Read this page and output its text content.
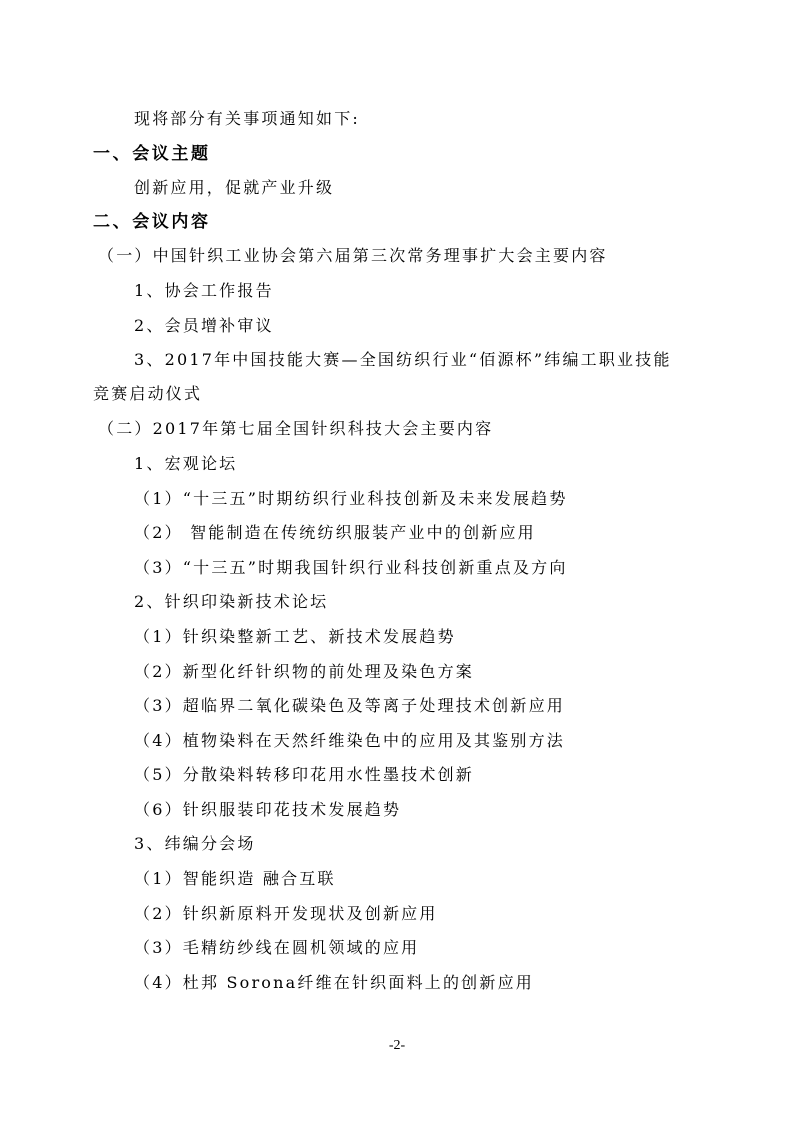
现将部分有关事项通知如下:
一、会议主题
创新应用，促就产业升级
二、会议内容
（一）中国针织工业协会第六届第三次常务理事扩大会主要内容
1、协会工作报告
2、会员增补审议
3、2017年中国技能大赛—全国纺织行业“佰源杯”纬编工职业技能
竞赛启动仪式
（二）2017年第七届全国针织科技大会主要内容
1、宏观论坛
（1）“十三五”时期纺织行业科技创新及未来发展趋势
（2） 智能制造在传统纺织服装产业中的创新应用
（3）“十三五”时期我国针织行业科技创新重点及方向
2、针织印染新技术论坛
（1）针织染整新工艺、新技术发展趋势
（2）新型化纤针织物的前处理及染色方案
（3）超临界二氧化碳染色及等离子处理技术创新应用
（4）植物染料在天然纤维染色中的应用及其鉴别方法
（5）分散染料转移印花用水性墨技术创新
（6）针织服装印花技术发展趋势
3、纬编分会场
（1）智能织造 融合互联
（2）针织新原料开发现状及创新应用
（3）毛精纺纱线在圆机领域的应用
（4）杜邦 Sorona纤维在针织面料上的创新应用
-2-
